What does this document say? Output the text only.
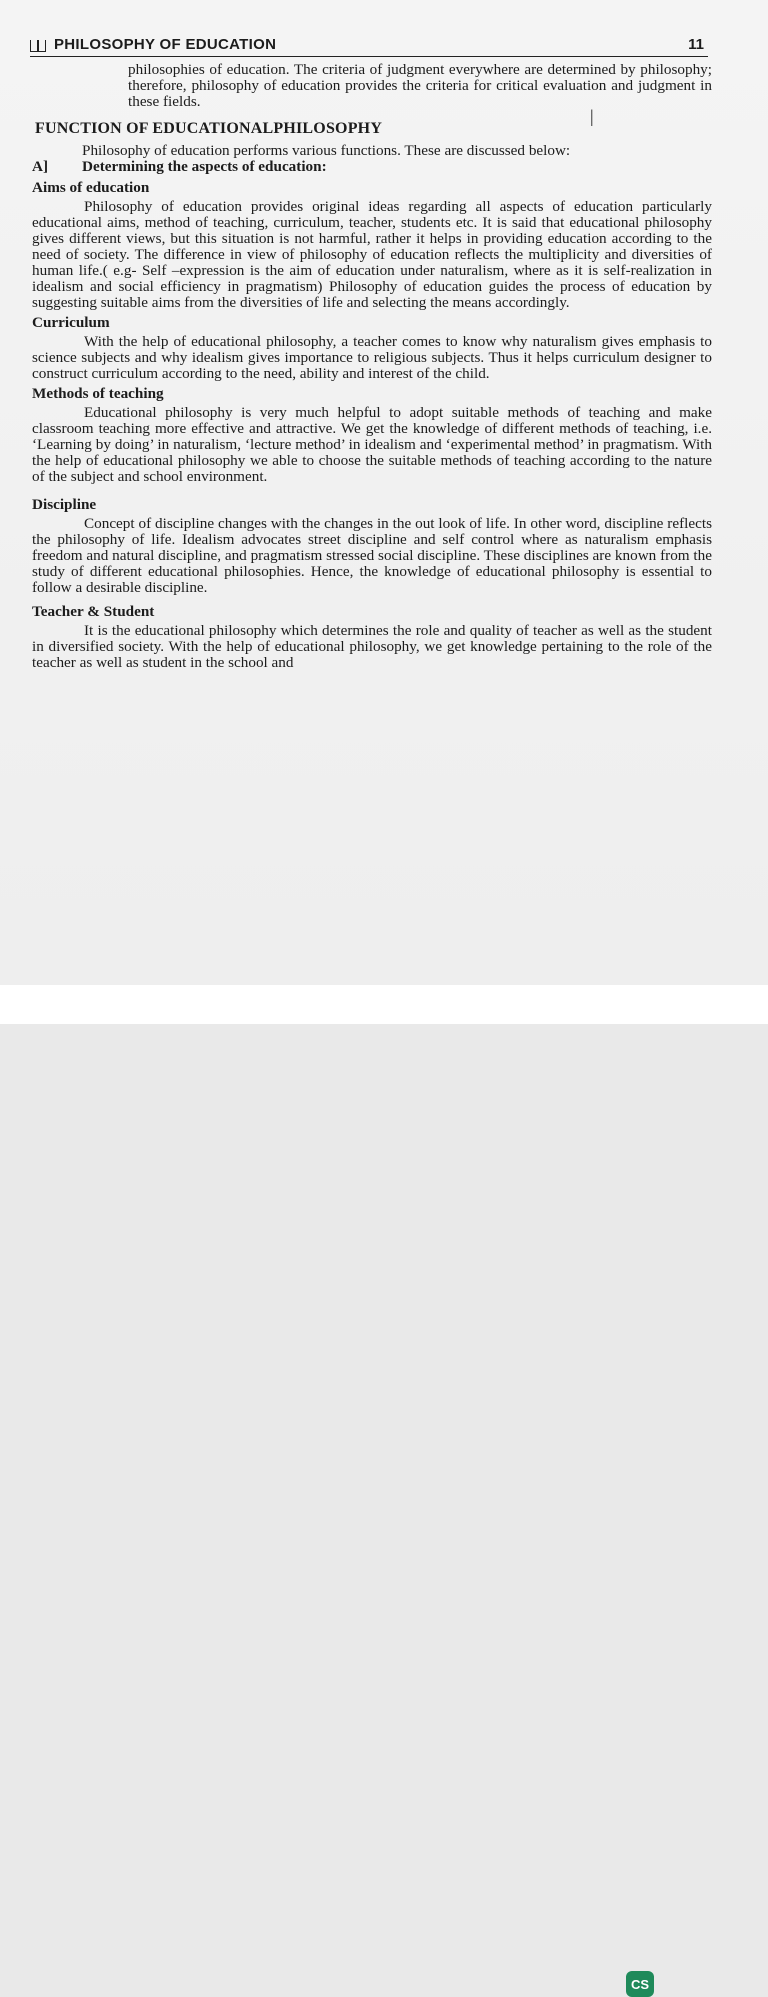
PHILOSOPHY OF EDUCATION	11

philosophies of education. The criteria of judgment everywhere are determined by philosophy; therefore, philosophy of education provides the criteria for critical evaluation and judgment in these fields.

FUNCTION OF EDUCATIONALPHILOSOPHY

Philosophy of education performs various functions. These are discussed below:

A]	Determining the aspects of education:
Aims of education

Philosophy of education provides original ideas regarding all aspects of education particularly educational aims, method of teaching, curriculum, teacher, students etc. It is said that educational philosophy gives different views, but this situation is not harmful, rather it helps in providing education according to the need of society. The difference in view of philosophy of education reflects the multiplicity and diversities of human life.( e.g- Self –expression is the aim of education under naturalism, where as it is self-realization in idealism and social efficiency in pragmatism) Philosophy of education guides the process of education by suggesting suitable aims from the diversities of life and selecting the means accordingly.

Curriculum

With the help of educational philosophy, a teacher comes to know why naturalism gives emphasis to science subjects and why idealism gives importance to religious subjects. Thus it helps curriculum designer to construct curriculum according to the need, ability and interest of the child.

Methods of teaching

Educational philosophy is very much helpful to adopt suitable methods of teaching and make classroom teaching more effective and attractive. We get the knowledge of different methods of teaching, i.e. ‘Learning by doing’ in naturalism, ‘lecture method’ in idealism and ‘experimental method’ in pragmatism. With the help of educational philosophy we able to choose the suitable methods of teaching according to the nature of the subject and school environment.

Discipline

Concept of discipline changes with the changes in the out look of life. In other word, discipline reflects the philosophy of life. Idealism advocates street discipline and self control where as naturalism emphasis freedom and natural discipline, and pragmatism stressed social discipline. These disciplines are known from the study of different educational philosophies. Hence, the knowledge of educational philosophy is essential to follow a desirable discipline.

Teacher & Student

It is the educational philosophy which determines the role and quality of teacher as well as the student in diversified society. With the help of educational philosophy, we get knowledge pertaining to the role of the teacher as well as student in the school and

|
CS
